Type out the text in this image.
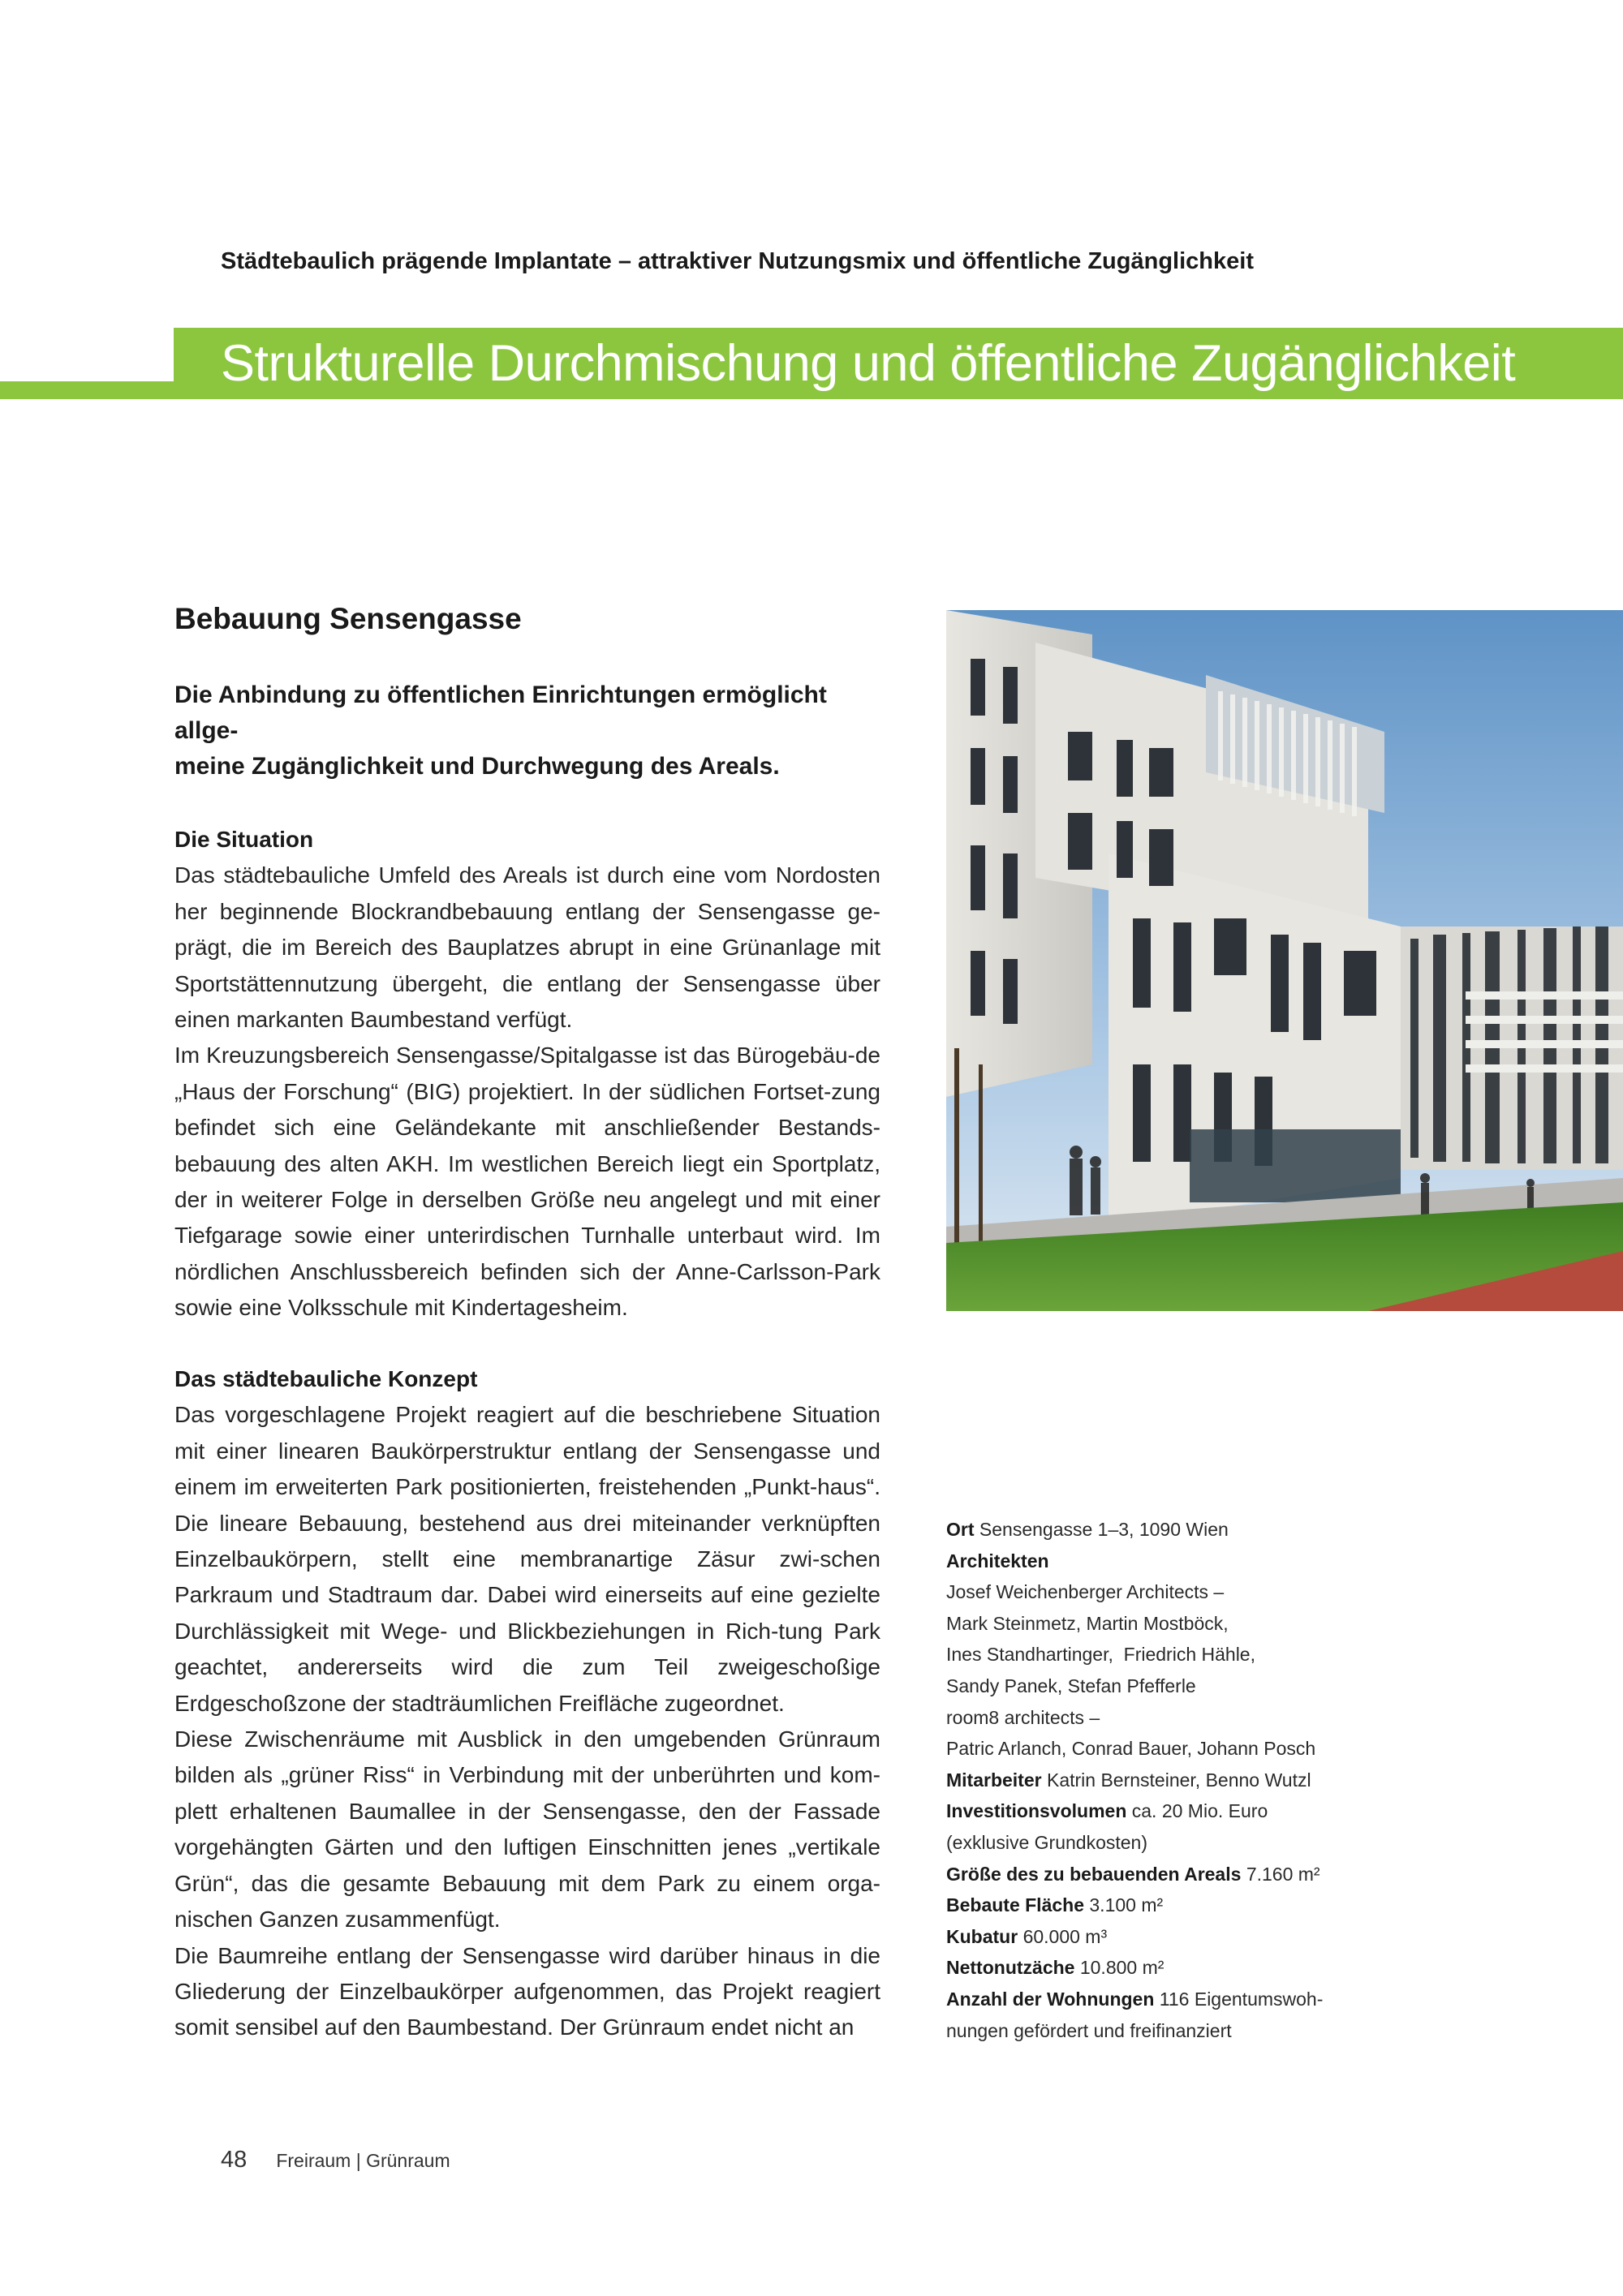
Städtebaulich prägende Implantate – attraktiver Nutzungsmix und öffentliche Zugänglichkeit
Strukturelle Durchmischung und öffentliche Zugänglichkeit
Bebauung Sensengasse

Die Anbindung zu öffentlichen Einrichtungen ermöglicht allge-
meine Zugänglichkeit und Durchwegung des Areals.

Die Situation

Das städtebauliche Umfeld des Areals ist durch eine vom Nordosten her beginnende Blockrandbebauung entlang der Sensengasse ge-prägt, die im Bereich des Bauplatzes abrupt in eine Grünanlage mit Sportstättennutzung übergeht, die entlang der Sensengasse über einen markanten Baumbestand verfügt.

Im Kreuzungsbereich Sensengasse/Spitalgasse ist das Bürogebäu-de „Haus der Forschung“ (BIG) projektiert. In der südlichen Fortset-zung befindet sich eine Geländekante mit anschließender Bestands-bebauung des alten AKH. Im westlichen Bereich liegt ein Sportplatz, der in weiterer Folge in derselben Größe neu angelegt und mit einer Tiefgarage sowie einer unterirdischen Turnhalle unterbaut wird. Im nördlichen Anschlussbereich befinden sich der Anne-Carlsson-Park sowie eine Volksschule mit Kindertagesheim.

Das städtebauliche Konzept

Das vorgeschlagene Projekt reagiert auf die beschriebene Situation mit einer linearen Baukörperstruktur entlang der Sensengasse und einem im erweiterten Park positionierten, freistehenden „Punkt-haus“. Die lineare Bebauung, bestehend aus drei miteinander verknüpften Einzelbaukörpern, stellt eine membranartige Zäsur zwi-schen Parkraum und Stadtraum dar. Dabei wird einerseits auf eine gezielte Durchlässigkeit mit Wege- und Blickbeziehungen in Rich-tung Park geachtet, andererseits wird die zum Teil zweigeschoßige Erdgeschoßzone der stadträumlichen Freifläche zugeordnet.

Diese Zwischenräume mit Ausblick in den umgebenden Grünraum bilden als „grüner Riss“ in Verbindung mit der unberührten und kom-plett erhaltenen Baumallee in der Sensengasse, den der Fassade vorgehängten Gärten und den luftigen Einschnitten jenes „vertikale Grün“, das die gesamte Bebauung mit dem Park zu einem orga-nischen Ganzen zusammenfügt.

Die Baumreihe entlang der Sensengasse wird darüber hinaus in die Gliederung der Einzelbaukörper aufgenommen, das Projekt reagiert somit sensibel auf den Baumbestand. Der Grünraum endet nicht an

Ort Sensengasse 1–3, 1090 Wien
Architekten
Josef Weichenberger Architects –
Mark Steinmetz, Martin Mostböck,
Ines Standhartinger,  Friedrich Hähle,
Sandy Panek, Stefan Pfefferle
room8 architects –
Patric Arlanch, Conrad Bauer, Johann Posch
Mitarbeiter Katrin Bernsteiner, Benno Wutzl
Investitionsvolumen ca. 20 Mio. Euro
(exklusive Grundkosten)
Größe des zu bebauenden Areals 7.160 m²
Bebaute Fläche 3.100 m²
Kubatur 60.000 m³
Nettonutzäche 10.800 m²
Anzahl der Wohnungen 116 Eigentumswoh-
nungen gefördert und freifinanziert
48 Freiraum | Grünraum
